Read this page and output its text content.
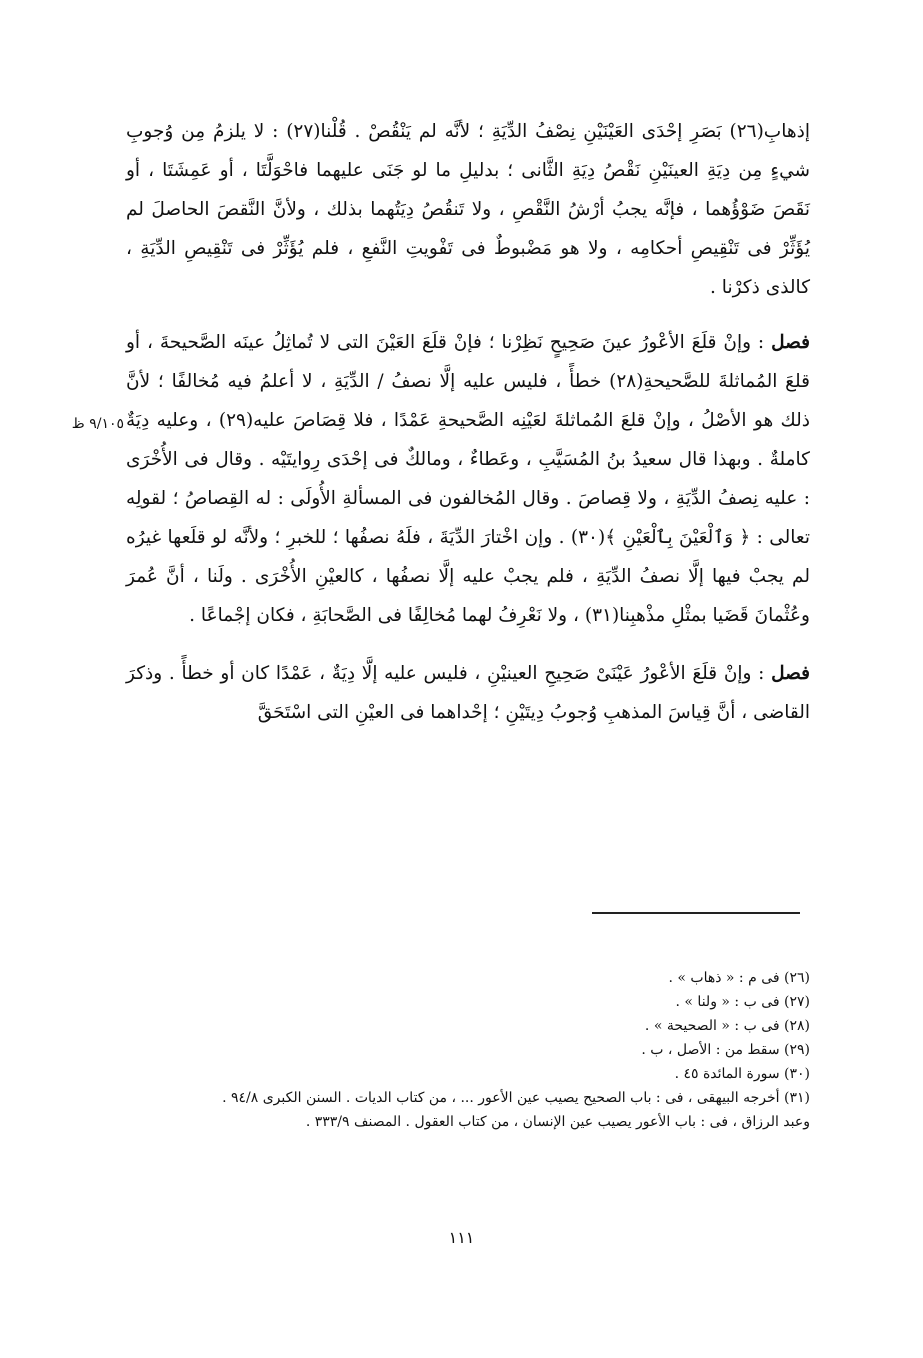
إذهابِ(٢٦) بَصَرِ إحْدَى العَيْنَيْنِ نِصْفُ الدِّيَةِ ؛ لأنَّه لم يَنْقُصْ . قُلْنا(٢٧) : لا يلزمُ مِن وُجوبِ شيءٍ مِن دِيَةِ العينَيْنِ نَقْصُ دِيَةِ الثَّانى ؛ بدليلِ ما لو جَنَى عليهما فاحْوَلَّتَا ، أو عَمِشَتَا ، أو نَقَصَ ضَوْؤُهما ، فإنَّه يجبُ أرْشُ النَّقْصِ ، ولا تَنقُصُ دِيَتُهما بذلك ، ولأنَّ النَّقصَ الحاصلَ لم يُؤَثِّرْ فى تَنْقِيصِ أحكامِه ، ولا هو مَضْبوطٌ فى تَفْويتِ النَّفعِ ، فلم يُؤَثِّرْ فى تَنْقِيصِ الدِّيَةِ ، كالذى ذكرْنا .

فصل : وإنْ قلَعَ الأعْورُ عينَ صَحِيحٍ نَظِرْنا ؛ فإنْ قلَعَ العَيْنَ التى لا تُماثِلُ عينَه الصَّحيحةَ ، أو قلعَ المُماثلةَ للصَّحيحةِ(٢٨) خطأً ، فليس عليه إلَّا نصفُ / الدِّيَةِ ، لا أعلمُ فيه مُخالفًا ؛ لأنَّ ذلك هو الأصْلُ ، وإنْ قلعَ المُماثلةَ لعَيْنِه الصَّحيحةِ عَمْدًا ، فلا قِصَاصَ عليه(٢٩) ، وعليه دِيَةٌ كاملةٌ . وبهذا قال سعيدُ بنُ المُسَيَّبِ ، وعَطاءٌ ، ومالكٌ فى إحْدَى رِوايتَيْه . وقال فى الأُخْرَى : عليه نِصفُ الدِّيَةِ ، ولا قِصاصَ . وقال المُخالفون فى المسألةِ الأُولَى : له القِصاصُ ؛ لقولِه تعالى : ﴿ وَٱلْعَيْنَ بِٱلْعَيْنِ ﴾(٣٠) . وإن اخْتارَ الدِّيَةَ ، فلَهُ نصفُها ؛ للخبرِ ؛ ولأنَّه لو قلَعها غيرُه لم يجبْ فيها إلَّا نصفُ الدِّيَةِ ، فلم يجبْ عليه إلَّا نصفُها ، كالعيْنِ الأُخْرَى . ولَنا ، أنَّ عُمرَ وعُثْمانَ قَضَيا بمثْلِ مذْهبِنا(٣١) ، ولا نَعْرِفُ لهما مُخالِفًا فى الصَّحابَةِ ، فكان إجْماعًا .

فصل : وإنْ قلَعَ الأعْورُ عَيْنَىْ صَحِيحِ العينيْنِ ، فليس عليه إلَّا دِيَةٌ ، عَمْدًا كان أو خطأً . وذكرَ القاضى ، أنَّ قِياسَ المذهبِ وُجوبُ دِيتَيْنِ ؛ إحْداهما فى العيْنِ التى اسْتَحَقَّ

٩/١٠٥ ظ

(٢٦) فى م : « ذهاب » .

(٢٧) فى ب : « ولنا » .

(٢٨) فى ب : « الصحيحة » .

(٢٩) سقط من : الأصل ، ب .

(٣٠) سورة المائدة ٤٥ .

(٣١) أخرجه البيهقى ، فى : باب الصحيح يصيب عين الأعور ... ، من كتاب الديات . السنن الكبرى ٩٤/٨ .

وعبد الرزاق ، فى : باب الأعور يصيب عين الإنسان ، من كتاب العقول . المصنف ٣٣٣/٩ .

١١١
